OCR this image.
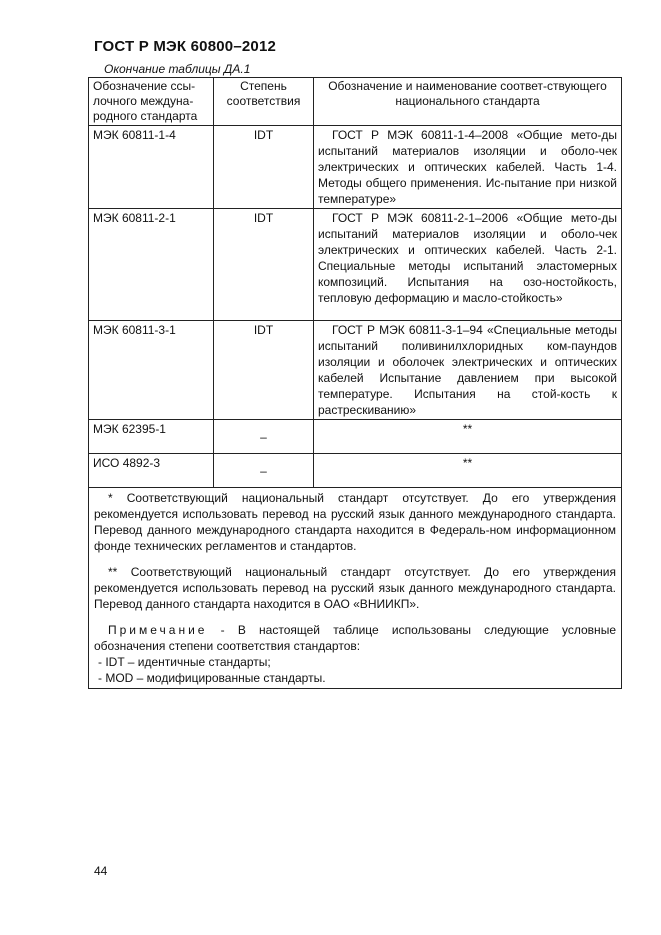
ГОСТ Р МЭК 60800–2012
Окончание таблицы ДА.1
Обозначение ссы-лочного междуна-родного стандарта	Степень соответствия	Обозначение и наименование соответ-ствующего национального стандарта
МЭК 60811-1-4	IDT	ГОСТ Р МЭК 60811-1-4–2008 «Общие мето-ды испытаний материалов изоляции и оболо-чек электрических и оптических кабелей. Часть 1-4. Методы общего применения. Ис-пытание при низкой температуре»
МЭК 60811-2-1	IDT	ГОСТ Р МЭК 60811-2-1–2006 «Общие мето-ды испытаний материалов изоляции и оболо-чек электрических и оптических кабелей. Часть 2-1. Специальные методы испытаний эластомерных композиций. Испытания на озо-ностойкость, тепловую деформацию и масло-стойкость»
МЭК 60811-3-1	IDT	ГОСТ Р МЭК 60811-3-1–94 «Специальные методы испытаний поливинилхлоридных ком-паундов изоляции и оболочек электрических и оптических кабелей Испытание давлением при высокой температуре. Испытания на стой-кость к растрескиванию»
МЭК 62395-1	–	**
ИСО 4892-3	–	**

* Соответствующий национальный стандарт отсутствует. До его утверждения рекомендуется использовать перевод на русский язык данного международного стандарта. Перевод данного международного стандарта находится в Федераль-ном информационном фонде технических регламентов и стандартов.

** Соответствующий национальный стандарт отсутствует. До его утверждения рекомендуется использовать перевод на русский язык данного международного стандарта. Перевод данного стандарта находится в ОАО «ВНИИКП».

Примечание - В настоящей таблице использованы следующие условные обозначения степени соответствия стандартов:

- IDT – идентичные стандарты;

- MOD – модифицированные стандарты.		

44
